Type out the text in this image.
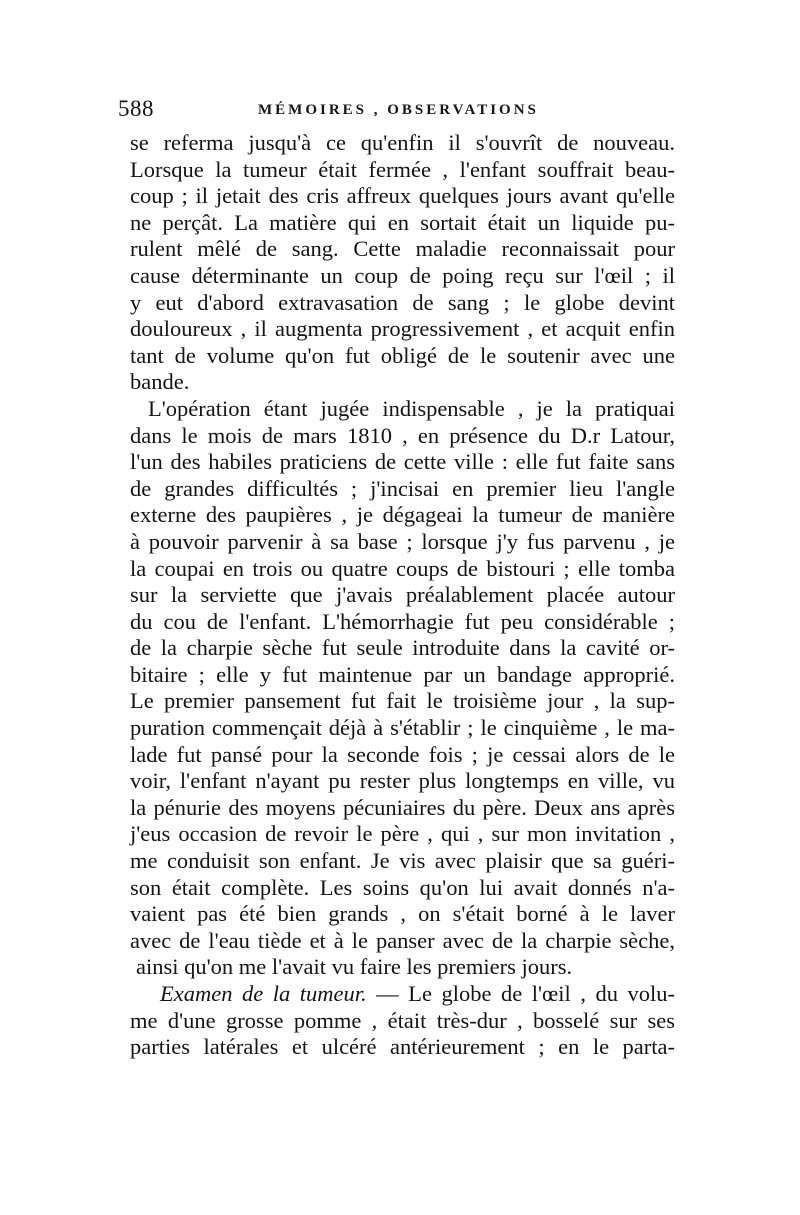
588	MÉMOIRES , OBSERVATIONS
se referma jusqu'à ce qu'enfin il s'ouvrît de nouveau.
Lorsque la tumeur était fermée , l'enfant souffrait beau-
coup ; il jetait des cris affreux quelques jours avant qu'elle
ne perçât. La matière qui en sortait était un liquide pu-
rulent mêlé de sang. Cette maladie reconnaissait pour
cause déterminante un coup de poing reçu sur l'œil ; il
y eut d'abord extravasation de sang ; le globe devint
douloureux , il augmenta progressivement , et acquit enfin
tant de volume qu'on fut obligé de le soutenir avec une
bande.
L'opération étant jugée indispensable , je la pratiquai
dans le mois de mars 1810 , en présence du D.r Latour,
l'un des habiles praticiens de cette ville : elle fut faite sans
de grandes difficultés ; j'incisai en premier lieu l'angle
externe des paupières , je dégageai la tumeur de manière
à pouvoir parvenir à sa base ; lorsque j'y fus parvenu , je
la coupai en trois ou quatre coups de bistouri ; elle tomba
sur la serviette que j'avais préalablement placée autour
du cou de l'enfant. L'hémorrhagie fut peu considérable ;
de la charpie sèche fut seule introduite dans la cavité or-
bitaire ; elle y fut maintenue par un bandage approprié.
Le premier pansement fut fait le troisième jour , la sup-
puration commençait déjà à s'établir ; le cinquième , le ma-
lade fut pansé pour la seconde fois ; je cessai alors de le
voir, l'enfant n'ayant pu rester plus longtemps en ville, vu
la pénurie des moyens pécuniaires du père. Deux ans après
j'eus occasion de revoir le père , qui , sur mon invitation ,
me conduisit son enfant. Je vis avec plaisir que sa guéri-
son était complète. Les soins qu'on lui avait donnés n'a-
vaient pas été bien grands , on s'était borné à le laver
avec de l'eau tiède et à le panser avec de la charpie sèche,
ainsi qu'on me l'avait vu faire les premiers jours.
Examen de la tumeur. — Le globe de l'œil , du volu-
me d'une grosse pomme , était très-dur , bosselé sur ses
parties latérales et ulcéré antérieurement ; en le parta-
